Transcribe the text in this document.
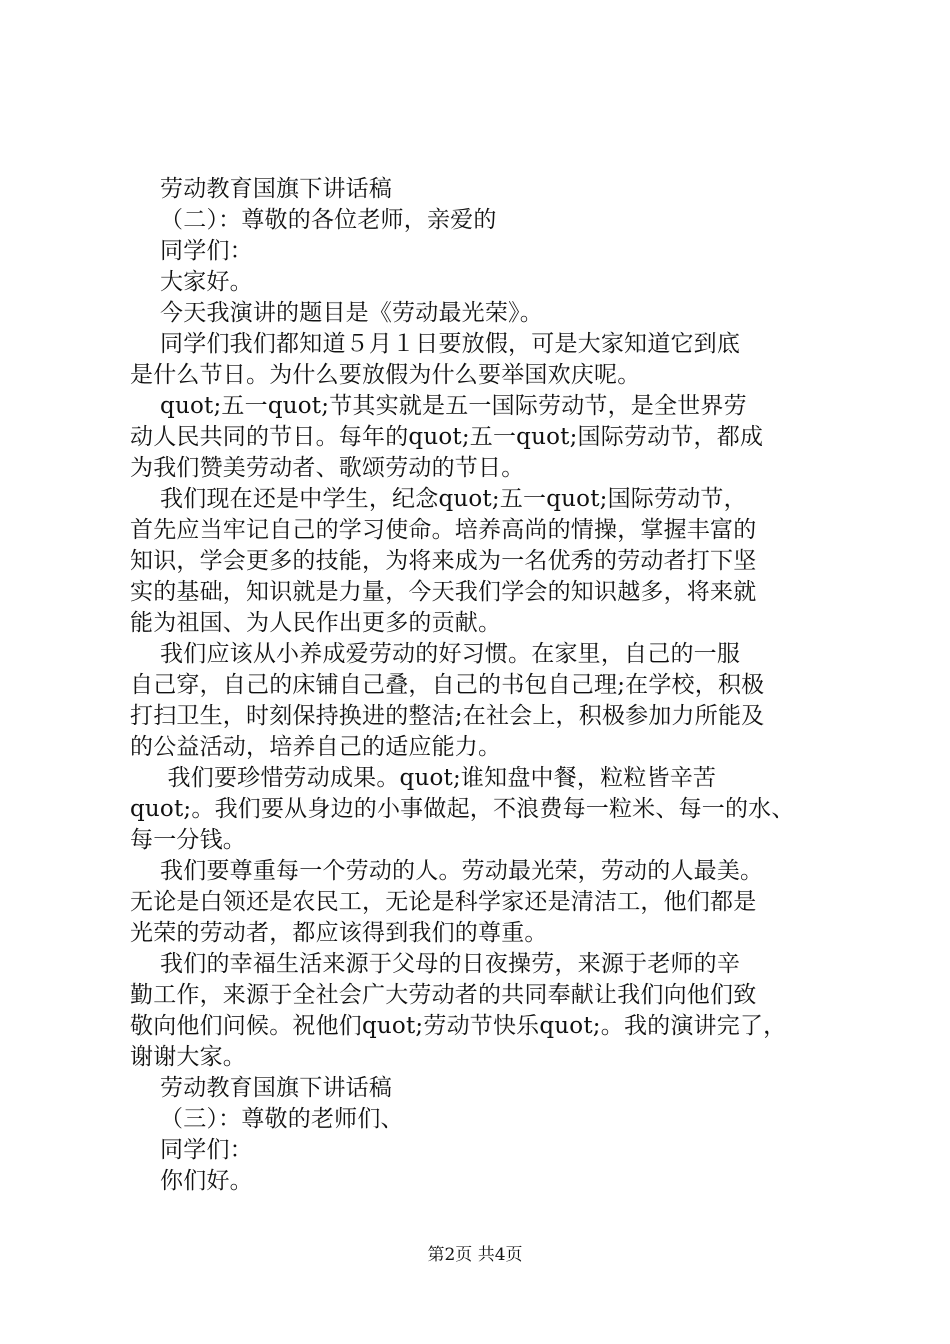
劳动教育国旗下讲话稿

（二）：尊敬的各位老师，亲爱的

同学们：

大家好。

今天我演讲的题目是《劳动最光荣》。

同学们我们都知道５月１日要放假，可是大家知道它到底

是什么节日。为什么要放假为什么要举国欢庆呢。

quot;五一quot;节其实就是五一国际劳动节，是全世界劳

动人民共同的节日。每年的quot;五一quot;国际劳动节，都成

为我们赞美劳动者、歌颂劳动的节日。

我们现在还是中学生，纪念quot;五一quot;国际劳动节，

首先应当牢记自己的学习使命。培养高尚的情操，掌握丰富的

知识，学会更多的技能，为将来成为一名优秀的劳动者打下坚

实的基础，知识就是力量，今天我们学会的知识越多，将来就

能为祖国、为人民作出更多的贡献。

我们应该从小养成爱劳动的好习惯。在家里，自己的一服

自己穿，自己的床铺自己叠，自己的书包自己理;在学校，积极

打扫卫生，时刻保持换进的整洁;在社会上，积极参加力所能及

的公益活动，培养自己的适应能力。

我们要珍惜劳动成果。quot;谁知盘中餐，粒粒皆辛苦

quot;。我们要从身边的小事做起，不浪费每一粒米、每一的水、

每一分钱。

我们要尊重每一个劳动的人。劳动最光荣，劳动的人最美。

无论是白领还是农民工，无论是科学家还是清洁工，他们都是

光荣的劳动者，都应该得到我们的尊重。

我们的幸福生活来源于父母的日夜操劳，来源于老师的辛

勤工作，来源于全社会广大劳动者的共同奉献让我们向他们致

敬向他们问候。祝他们quot;劳动节快乐quot;。我的演讲完了，

谢谢大家。

劳动教育国旗下讲话稿

（三）：尊敬的老师们、

同学们：

你们好。

第2页 共4页
